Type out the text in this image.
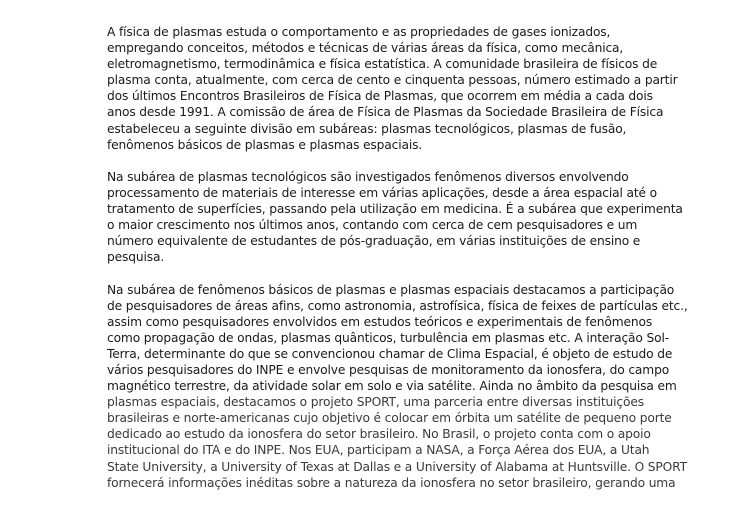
A física de plasmas estuda o comportamento e as propriedades de gases ionizados,
empregando conceitos, métodos e técnicas de várias áreas da física, como mecânica,
eletromagnetismo, termodinâmica e física estatística. A comunidade brasileira de físicos de
plasma conta, atualmente, com cerca de cento e cinquenta pessoas, número estimado a partir
dos últimos Encontros Brasileiros de Física de Plasmas, que ocorrem em média a cada dois
anos desde 1991. A comissão de área de Física de Plasmas da Sociedade Brasileira de Física
estabeleceu a seguinte divisão em subáreas: plasmas tecnológicos, plasmas de fusão,
fenômenos básicos de plasmas e plasmas espaciais.

Na subárea de plasmas tecnológicos são investigados fenômenos diversos envolvendo
processamento de materiais de interesse em várias aplicações, desde a área espacial até o
tratamento de superfícies, passando pela utilização em medicina. É a subárea que experimenta
o maior crescimento nos últimos anos, contando com cerca de cem pesquisadores e um
número equivalente de estudantes de pós-graduação, em várias instituições de ensino e
pesquisa.

Na subárea de fenômenos básicos de plasmas e plasmas espaciais destacamos a participação
de pesquisadores de áreas afins, como astronomia, astrofísica, física de feixes de partículas etc.,
assim como pesquisadores envolvidos em estudos teóricos e experimentais de fenômenos
como propagação de ondas, plasmas quânticos, turbulência em plasmas etc. A interação Sol-
Terra, determinante do que se convencionou chamar de Clima Espacial, é objeto de estudo de
vários pesquisadores do INPE e envolve pesquisas de monitoramento da ionosfera, do campo
magnético terrestre, da atividade solar em solo e via satélite. Ainda no âmbito da pesquisa em
plasmas espaciais, destacamos o projeto SPORT, uma parceria entre diversas instituições
brasileiras e norte-americanas cujo objetivo é colocar em órbita um satélite de pequeno porte
dedicado ao estudo da ionosfera do setor brasileiro. No Brasil, o projeto conta com o apoio
institucional do ITA e do INPE. Nos EUA, participam a NASA, a Força Aérea dos EUA, a Utah
State University, a University of Texas at Dallas e a University of Alabama at Huntsville. O SPORT
fornecerá informações inéditas sobre a natureza da ionosfera no setor brasileiro, gerando uma
